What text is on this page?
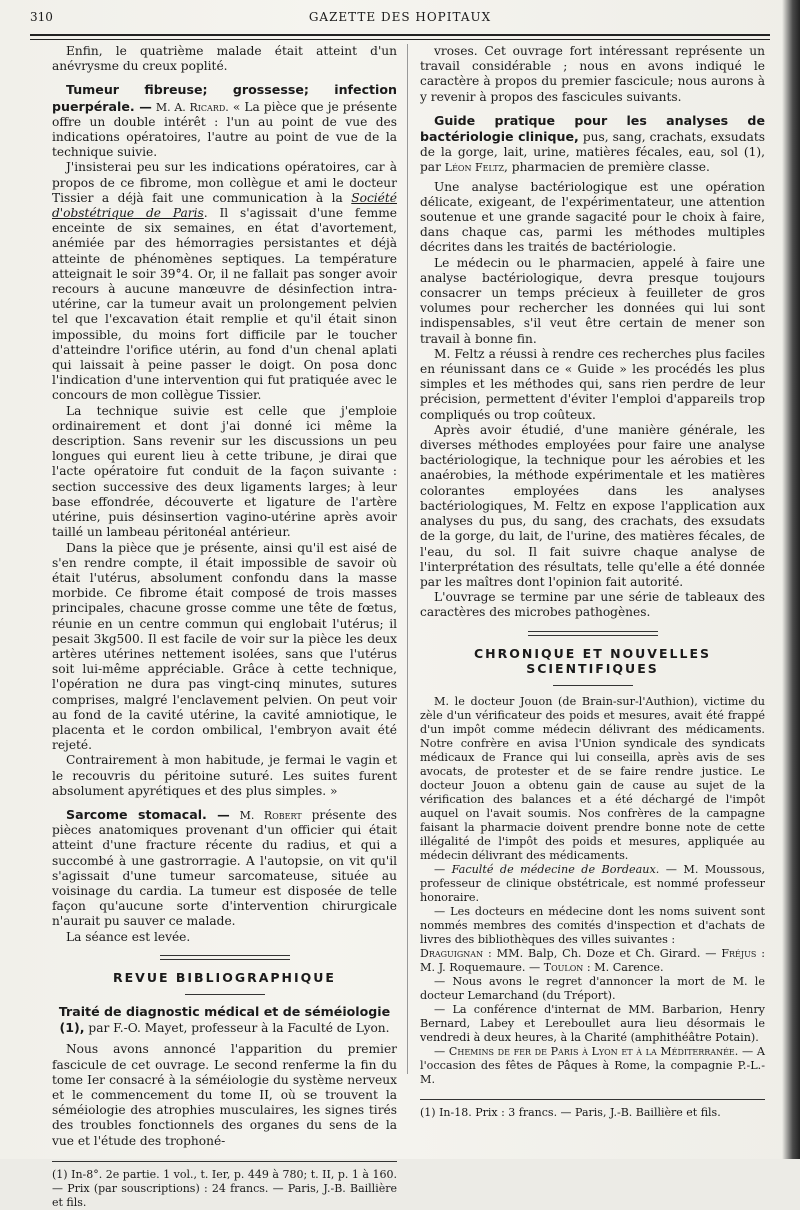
310	GAZETTE DES HOPITAUX

Enfin, le quatrième malade était atteint d'un anévrysme du creux poplité.

Tumeur fibreuse; grossesse; infection puerpérale. — M. A. Ricard. « La pièce que je présente offre un double intérêt : l'un au point de vue des indications opératoires, l'autre au point de vue de la technique suivie.

J'insisterai peu sur les indications opératoires, car à propos de ce fibrome, mon collègue et ami le docteur Tissier a déjà fait une communication à la Société d'obstétrique de Paris. Il s'agissait d'une femme enceinte de six semaines, en état d'avortement, anémiée par des hémorragies persistantes et déjà atteinte de phénomènes septiques. La température atteignait le soir 39°4. Or, il ne fallait pas songer avoir recours à aucune manœuvre de désinfection intra-utérine, car la tumeur avait un prolongement pelvien tel que l'excavation était remplie et qu'il était sinon impossible, du moins fort difficile par le toucher d'atteindre l'orifice utérin, au fond d'un chenal aplati qui laissait à peine passer le doigt. On posa donc l'indication d'une intervention qui fut pratiquée avec le concours de mon collègue Tissier.

La technique suivie est celle que j'emploie ordinairement et dont j'ai donné ici même la description. Sans revenir sur les discussions un peu longues qui eurent lieu à cette tribune, je dirai que l'acte opératoire fut conduit de la façon suivante : section successive des deux ligaments larges; à leur base effondrée, découverte et ligature de l'artère utérine, puis désinsertion vagino-utérine après avoir taillé un lambeau péritonéal antérieur.

Dans la pièce que je présente, ainsi qu'il est aisé de s'en rendre compte, il était impossible de savoir où était l'utérus, absolument confondu dans la masse morbide. Ce fibrome était composé de trois masses principales, chacune grosse comme une tête de fœtus, réunie en un centre commun qui englobait l'utérus; il pesait 3kg500. Il est facile de voir sur la pièce les deux artères utérines nettement isolées, sans que l'utérus soit lui-même appréciable. Grâce à cette technique, l'opération ne dura pas vingt-cinq minutes, sutures comprises, malgré l'enclavement pelvien. On peut voir au fond de la cavité utérine, la cavité amniotique, le placenta et le cordon ombilical, l'embryon avait été rejeté.

Contrairement à mon habitude, je fermai le vagin et le recouvris du péritoine suturé. Les suites furent absolument apyrétiques et des plus simples. »

Sarcome stomacal. — M. Robert présente des pièces anatomiques provenant d'un officier qui était atteint d'une fracture récente du radius, et qui a succombé à une gastrorragie. A l'autopsie, on vit qu'il s'agissait d'une tumeur sarcomateuse, située au voisinage du cardia. La tumeur est disposée de telle façon qu'aucune sorte d'intervention chirurgicale n'aurait pu sauver ce malade.

La séance est levée.

REVUE BIBLIOGRAPHIQUE

Traité de diagnostic médical et de séméiologie (1), par F.-O. Mayet, professeur à la Faculté de Lyon.

Nous avons annoncé l'apparition du premier fascicule de cet ouvrage. Le second renferme la fin du tome Ier consacré à la séméiologie du système nerveux et le commencement du tome II, où se trouvent la séméiologie des atrophies musculaires, les signes tirés des troubles fonctionnels des organes du sens de la vue et l'étude des trophoné-

(1) In-8°. 2e partie. 1 vol., t. Ier, p. 449 à 780; t. II, p. 1 à 160. — Prix (par souscriptions) : 24 francs. — Paris, J.-B. Baillière et fils.

vroses. Cet ouvrage fort intéressant représente un travail considérable ; nous en avons indiqué le caractère à propos du premier fascicule; nous aurons à y revenir à propos des fascicules suivants.

Guide pratique pour les analyses de bactériologie clinique, pus, sang, crachats, exsudats de la gorge, lait, urine, matières fécales, eau, sol (1), par Léon Feltz, pharmacien de première classe.

Une analyse bactériologique est une opération délicate, exigeant, de l'expérimentateur, une attention soutenue et une grande sagacité pour le choix à faire, dans chaque cas, parmi les méthodes multiples décrites dans les traités de bactériologie.

Le médecin ou le pharmacien, appelé à faire une analyse bactériologique, devra presque toujours consacrer un temps précieux à feuilleter de gros volumes pour rechercher les données qui lui sont indispensables, s'il veut être certain de mener son travail à bonne fin.

M. Feltz a réussi à rendre ces recherches plus faciles en réunissant dans ce « Guide » les procédés les plus simples et les méthodes qui, sans rien perdre de leur précision, permettent d'éviter l'emploi d'appareils trop compliqués ou trop coûteux.

Après avoir étudié, d'une manière générale, les diverses méthodes employées pour faire une analyse bactériologique, la technique pour les aérobies et les anaérobies, la méthode expérimentale et les matières colorantes employées dans les analyses bactériologiques, M. Feltz en expose l'application aux analyses du pus, du sang, des crachats, des exsudats de la gorge, du lait, de l'urine, des matières fécales, de l'eau, du sol. Il fait suivre chaque analyse de l'interprétation des résultats, telle qu'elle a été donnée par les maîtres dont l'opinion fait autorité.

L'ouvrage se termine par une série de tableaux des caractères des microbes pathogènes.

CHRONIQUE ET NOUVELLES SCIENTIFIQUES

M. le docteur Jouon (de Brain-sur-l'Authion), victime du zèle d'un vérificateur des poids et mesures, avait été frappé d'un impôt comme médecin délivrant des médicaments. Notre confrère en avisa l'Union syndicale des syndicats médicaux de France qui lui conseilla, après avis de ses avocats, de protester et de se faire rendre justice. Le docteur Jouon a obtenu gain de cause au sujet de la vérification des balances et a été déchargé de l'impôt auquel on l'avait soumis. Nos confrères de la campagne faisant la pharmacie doivent prendre bonne note de cette illégalité de l'impôt des poids et mesures, appliquée au médecin délivrant des médicaments.

— Faculté de médecine de Bordeaux. — M. Moussous, professeur de clinique obstétricale, est nommé professeur honoraire.

— Les docteurs en médecine dont les noms suivent sont nommés membres des comités d'inspection et d'achats de livres des bibliothèques des villes suivantes :

Draguignan : MM. Balp, Ch. Doze et Ch. Girard. — Fréjus : M. J. Roquemaure. — Toulon : M. Carence.

— Nous avons le regret d'annoncer la mort de M. le docteur Lemarchand (du Tréport).

— La conférence d'internat de MM. Barbarion, Henry Bernard, Labey et Lereboullet aura lieu désormais le vendredi à deux heures, à la Charité (amphithéâtre Potain).

— Chemins de fer de Paris à Lyon et à la Méditerranée. — A l'occasion des fêtes de Pâques à Rome, la compagnie P.-L.-M.

(1) In-18. Prix : 3 francs. — Paris, J.-B. Baillière et fils.
